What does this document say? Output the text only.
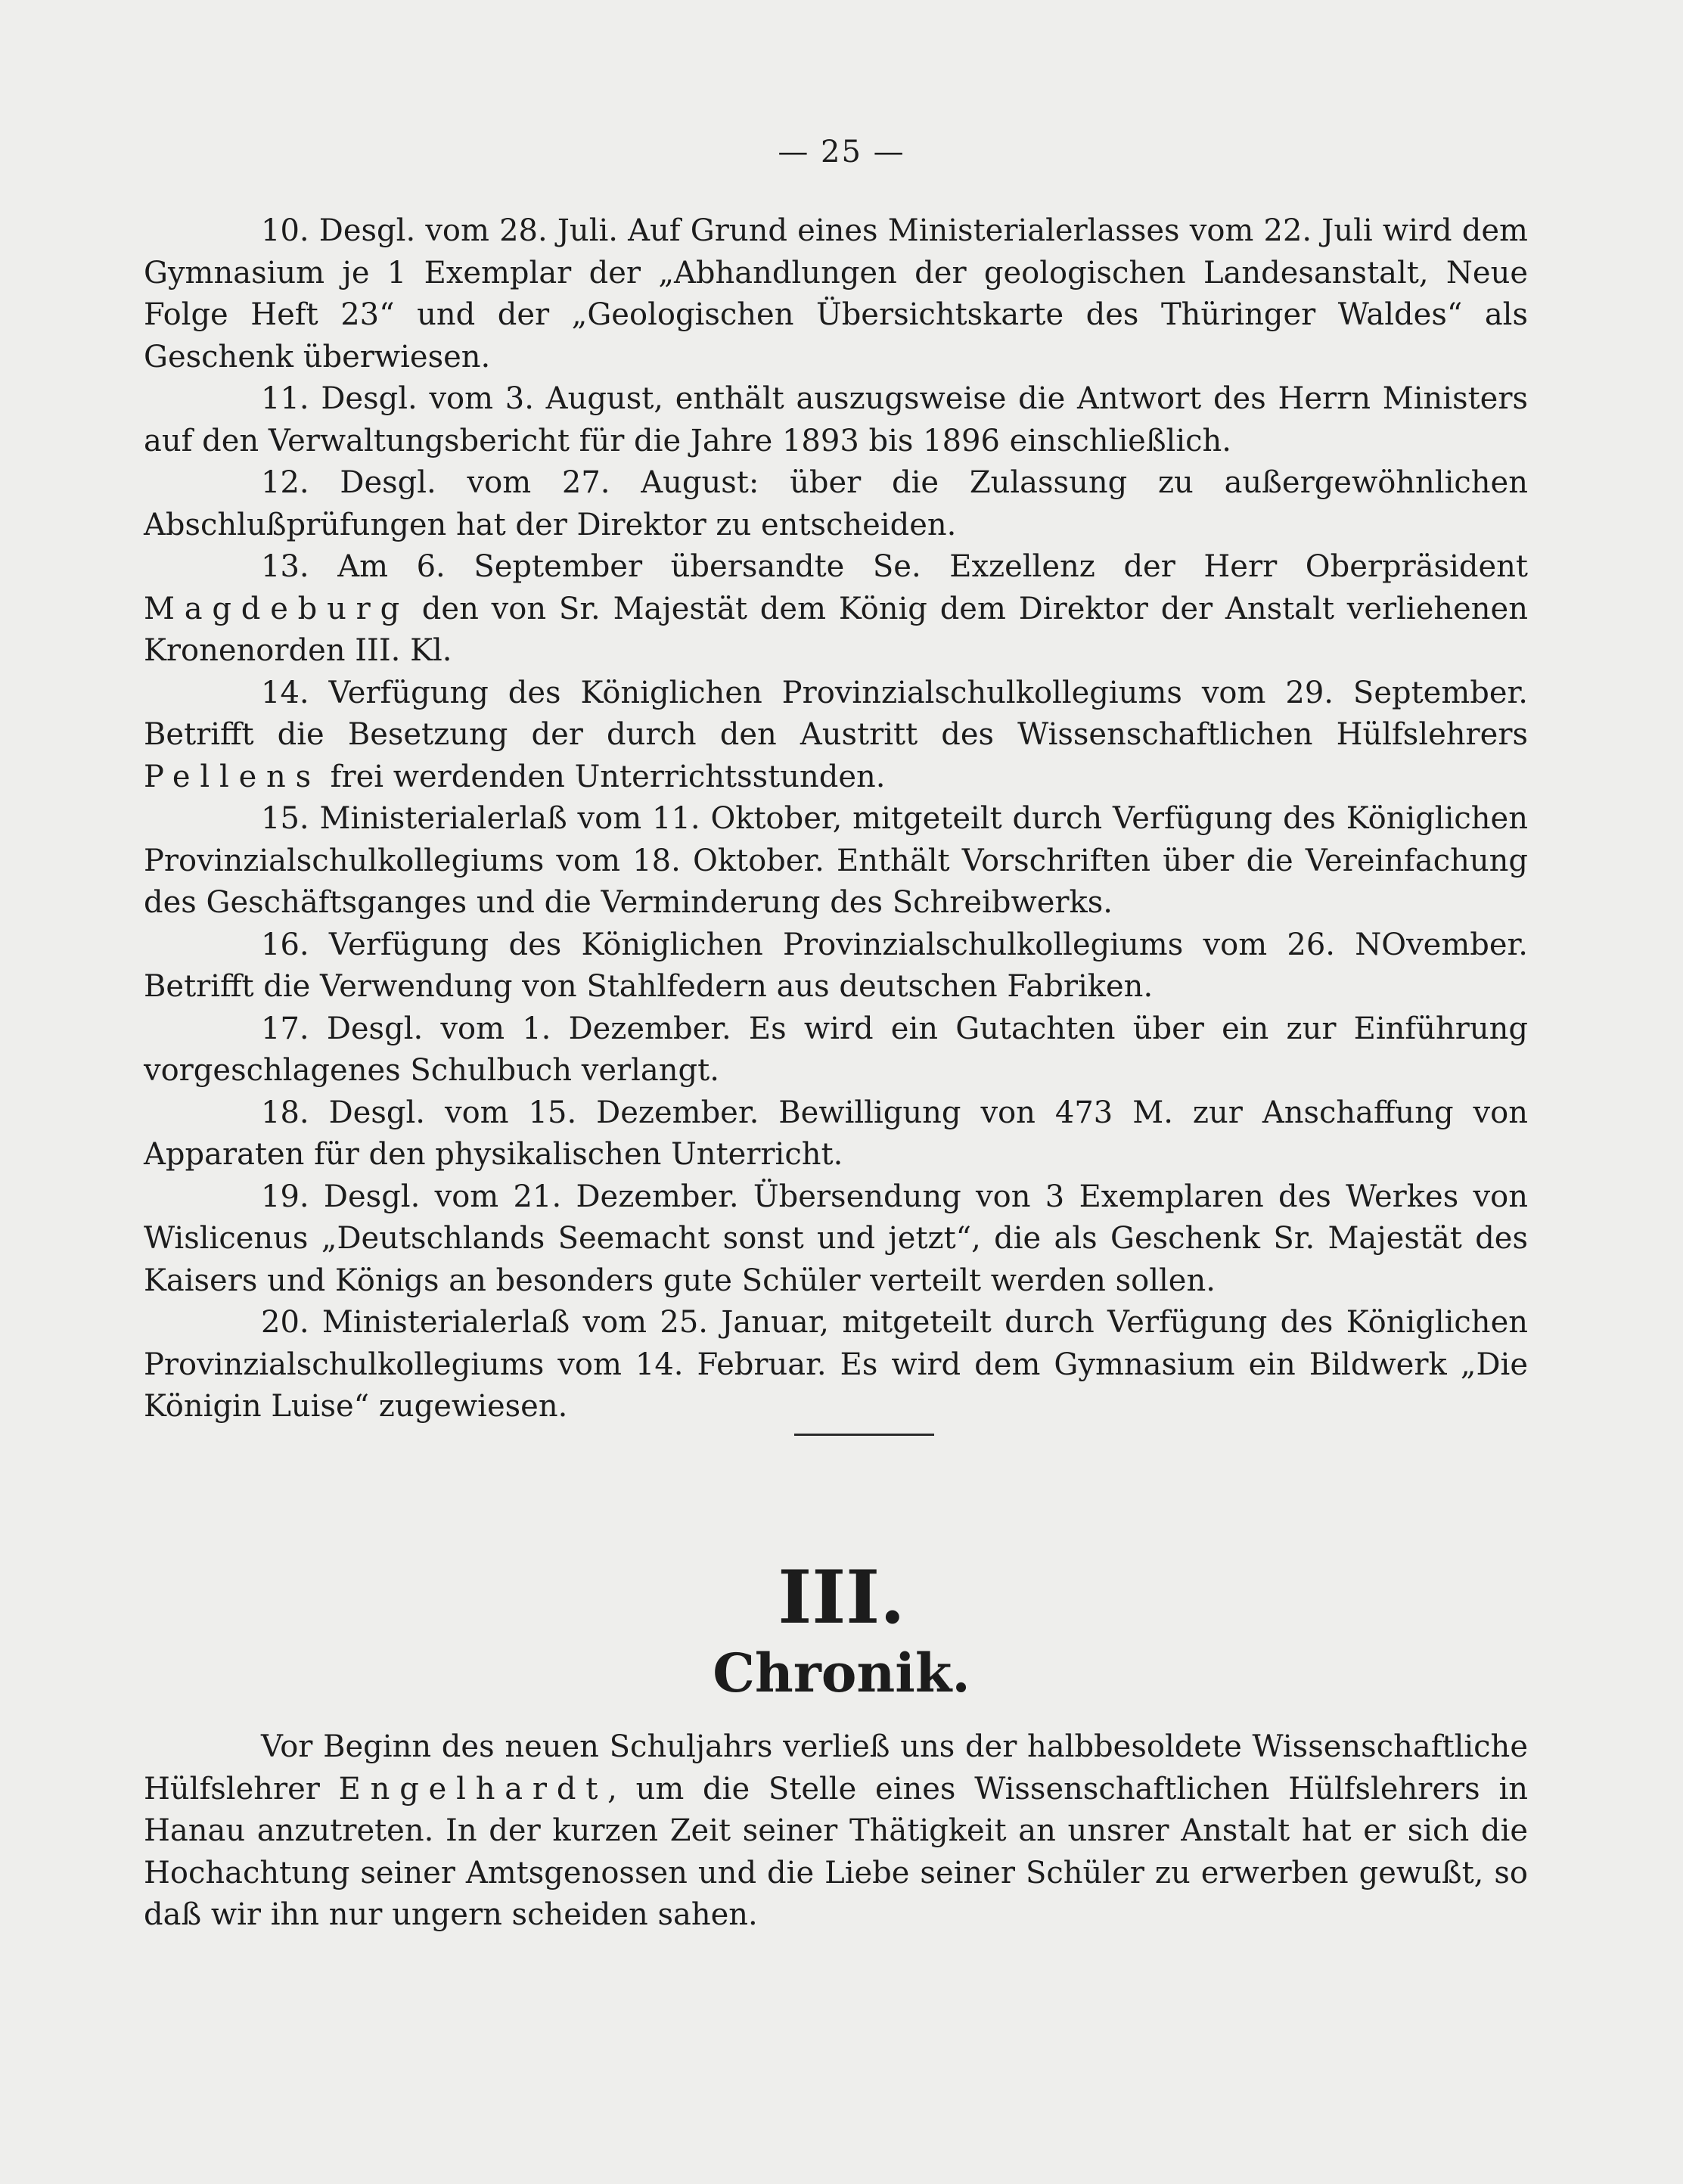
— 25 —

10. Desgl. vom 28. Juli. Auf Grund eines Ministerialerlasses vom 22. Juli wird dem Gymnasium je 1 Exemplar der „Abhandlungen der geologischen Landesanstalt, Neue Folge Heft 23“ und der „Geologischen Übersichtskarte des Thüringer Waldes“ als Geschenk überwiesen.

11. Desgl. vom 3. August, enthält auszugsweise die Antwort des Herrn Ministers auf den Verwaltungsbericht für die Jahre 1893 bis 1896 einschließlich.

12. Desgl. vom 27. August: über die Zulassung zu außergewöhnlichen Abschlußprüfungen hat der Direktor zu entscheiden.

13. Am 6. September übersandte Se. Exzellenz der Herr Oberpräsident Magdeburg den von Sr. Majestät dem König dem Direktor der Anstalt verliehenen Kronenorden III. Kl.

14. Verfügung des Königlichen Provinzialschulkollegiums vom 29. September. Betrifft die Besetzung der durch den Austritt des Wissenschaftlichen Hülfslehrers Pellens frei werdenden Unterrichtsstunden.

15. Ministerialerlaß vom 11. Oktober, mitgeteilt durch Verfügung des Königlichen Provinzialschulkollegiums vom 18. Oktober. Enthält Vorschriften über die Vereinfachung des Geschäftsganges und die Verminderung des Schreibwerks.

16. Verfügung des Königlichen Provinzialschulkollegiums vom 26. NOvember. Betrifft die Verwendung von Stahlfedern aus deutschen Fabriken.

17. Desgl. vom 1. Dezember. Es wird ein Gutachten über ein zur Einführung vorgeschlagenes Schulbuch verlangt.

18. Desgl. vom 15. Dezember. Bewilligung von 473 M. zur Anschaffung von Apparaten für den physikalischen Unterricht.

19. Desgl. vom 21. Dezember. Übersendung von 3 Exemplaren des Werkes von Wislicenus „Deutschlands Seemacht sonst und jetzt“, die als Geschenk Sr. Majestät des Kaisers und Königs an besonders gute Schüler verteilt werden sollen.

20. Ministerialerlaß vom 25. Januar, mitgeteilt durch Verfügung des Königlichen Provinzialschulkollegiums vom 14. Februar. Es wird dem Gymnasium ein Bildwerk „Die Königin Luise“ zugewiesen.

III.
Chronik.

Vor Beginn des neuen Schuljahrs verließ uns der halbbesoldete Wissenschaftliche Hülfslehrer Engelhardt, um die Stelle eines Wissenschaftlichen Hülfslehrers in Hanau anzutreten. In der kurzen Zeit seiner Thätigkeit an unsrer Anstalt hat er sich die Hochachtung seiner Amtsgenossen und die Liebe seiner Schüler zu erwerben gewußt, so daß wir ihn nur ungern scheiden sahen.
